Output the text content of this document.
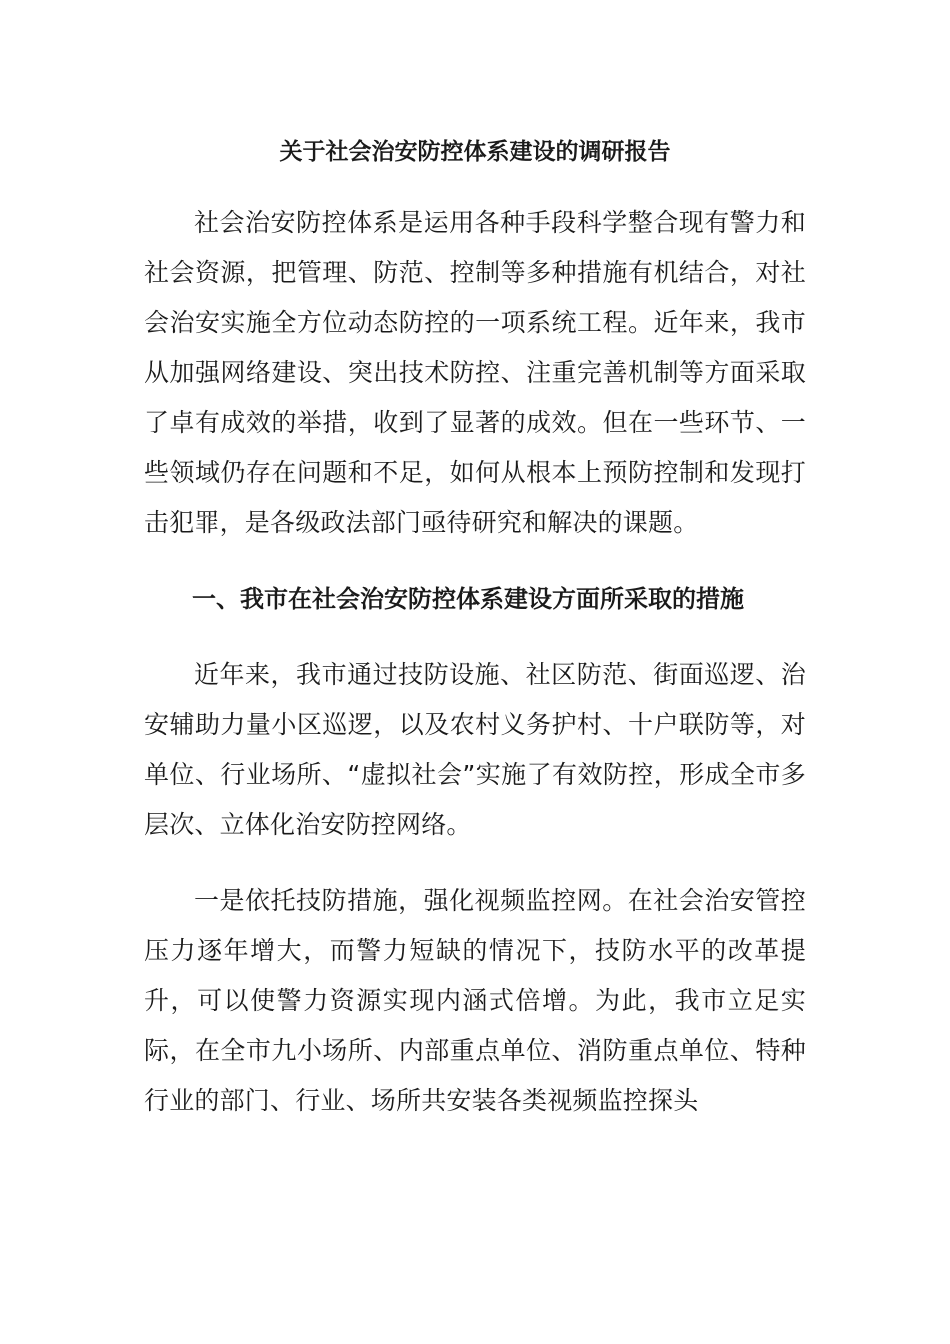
关于社会治安防控体系建设的调研报告

社会治安防控体系是运用各种手段科学整合现有警力和社会资源，把管理、防范、控制等多种措施有机结合，对社会治安实施全方位动态防控的一项系统工程。近年来，我市从加强网络建设、突出技术防控、注重完善机制等方面采取了卓有成效的举措，收到了显著的成效。但在一些环节、一些领域仍存在问题和不足，如何从根本上预防控制和发现打击犯罪，是各级政法部门亟待研究和解决的课题。

一、我市在社会治安防控体系建设方面所采取的措施

近年来，我市通过技防设施、社区防范、街面巡逻、治安辅助力量小区巡逻，以及农村义务护村、十户联防等，对单位、行业场所、“虚拟社会”实施了有效防控，形成全市多层次、立体化治安防控网络。

一是依托技防措施，强化视频监控网。在社会治安管控压力逐年增大，而警力短缺的情况下，技防水平的改革提升，可以使警力资源实现内涵式倍增。为此，我市立足实际，在全市九小场所、内部重点单位、消防重点单位、特种行业的部门、行业、场所共安装各类视频监控探头
